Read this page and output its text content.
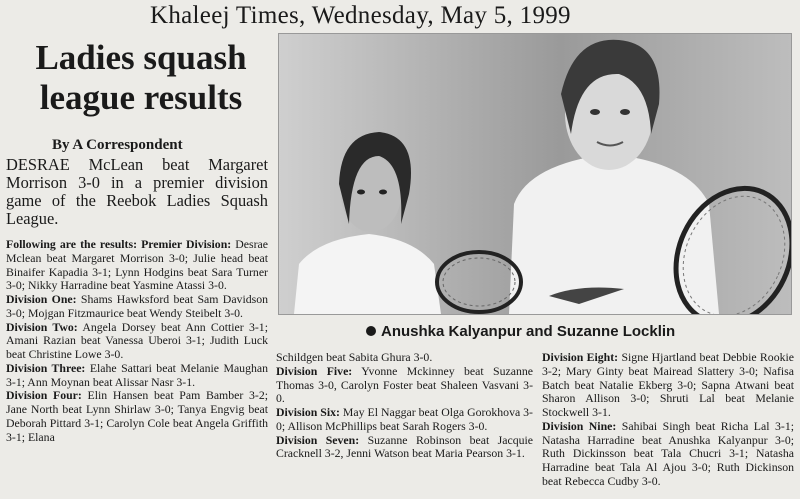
Khaleej Times, Wednesday, May 5, 1999
Ladies squash
league results
By A Correspondent
DESRAE McLean beat Margaret Morrison 3-0 in a premier division game of the Reebok Ladies Squash League.

Following are the results: Premier Division: Desrae Mclean beat Margaret Morrison 3-0; Julie head beat Binaifer Kapadia 3-1; Lynn Hodgins beat Sara Turner 3-0; Nikky Harradine beat Yasmine Atassi 3-0.

Division One: Shams Hawksford beat Sam Davidson 3-0; Mojgan Fitzmaurice beat Wendy Steibelt 3-0.

Division Two: Angela Dorsey beat Ann Cottier 3-1; Amani Razian beat Vanessa Uberoi 3-1; Judith Luck beat Christine Lowe 3-0.

Division Three: Elahe Sattari beat Melanie Maughan 3-1; Ann Moynan beat Alissar Nasr 3-1.

Division Four: Elin Hansen beat Pam Bamber 3-2; Jane North beat Lynn Shirlaw 3-0; Tanya Engvig beat Deborah Pittard 3-1; Carolyn Cole beat Angela Griffith 3-1; Elana

Anushka Kalyanpur and Suzanne Locklin

Schildgen beat Sabita Ghura 3-0.

Division Five: Yvonne Mckinney beat Suzanne Thomas 3-0, Carolyn Foster beat Shaleen Vasvani 3-0.

Division Six: May El Naggar beat Olga Gorokhova 3-0; Allison McPhillips beat Sarah Rogers 3-0.

Division Seven: Suzanne Robinson beat Jacquie Cracknell 3-2, Jenni Watson beat Maria Pearson 3-1.

Division Eight: Signe Hjartland beat Debbie Rookie 3-2; Mary Ginty beat Mairead Slattery 3-0; Nafisa Batch beat Natalie Ekberg 3-0; Sapna Atwani beat Sharon Allison 3-0; Shruti Lal beat Melanie Stockwell 3-1.

Division Nine: Sahibai Singh beat Richa Lal 3-1; Natasha Harradine beat Anushka Kalyanpur 3-0; Ruth Dickinsson beat Tala Chucri 3-1; Natasha Harradine beat Tala Al Ajou 3-0; Ruth Dickinson beat Rebecca Cudby 3-0.
